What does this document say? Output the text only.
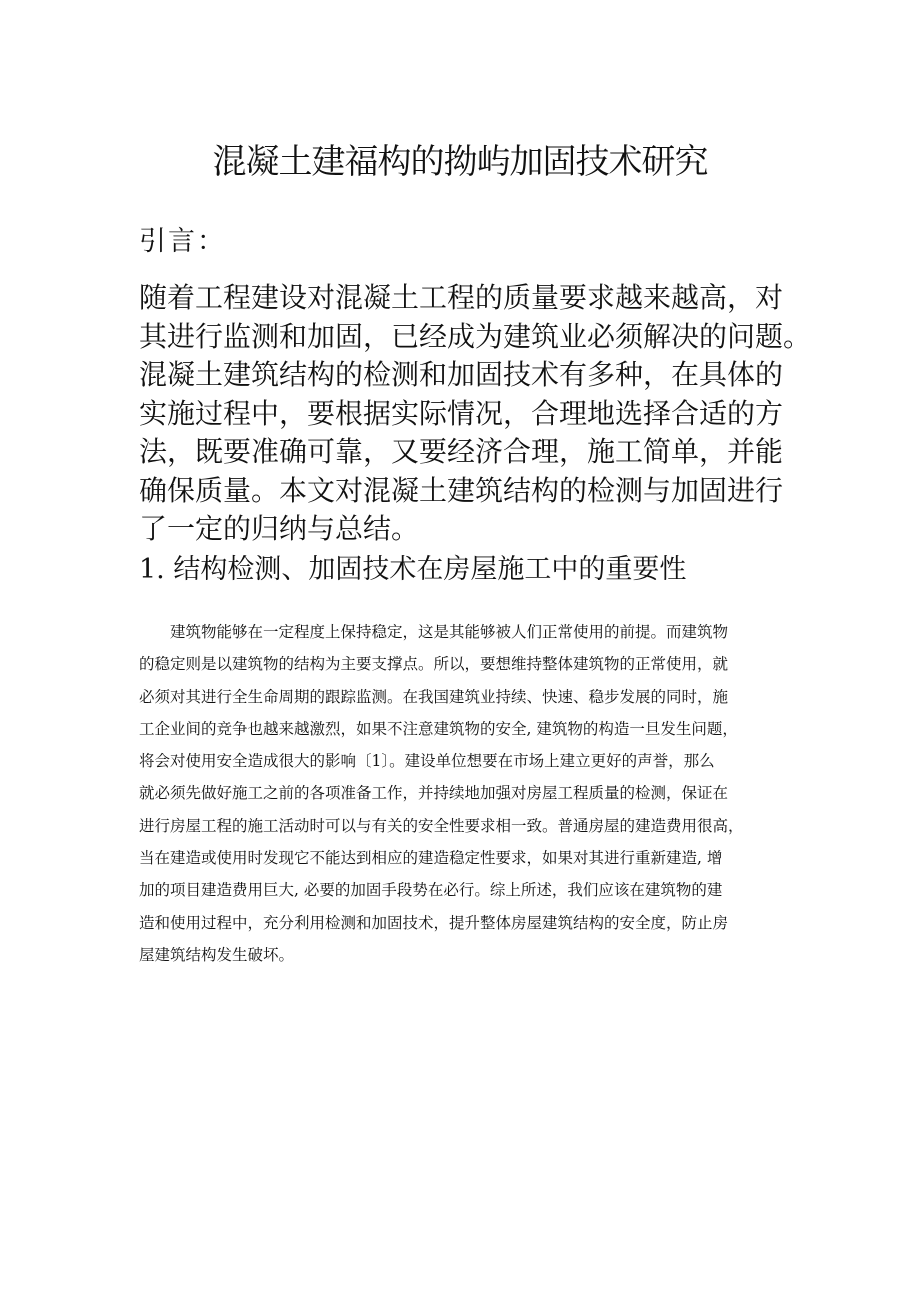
混凝土建福构的拗屿加固技术研究
引言：
随着工程建设对混凝土工程的质量要求越来越高，对
其进行监测和加固，已经成为建筑业必须解决的问题。
混凝土建筑结构的检测和加固技术有多种，在具体的
实施过程中，要根据实际情况，合理地选择合适的方
法，既要准确可靠，又要经济合理，施工简单，并能
确保质量。本文对混凝土建筑结构的检测与加固进行
了一定的归纳与总结。
1. 结构检测、加固技术在房屋施工中的重要性
建筑物能够在一定程度上保持稳定，这是其能够被人们正常使用的前提。而建筑物
的稳定则是以建筑物的结构为主要支撑点。所以，要想维持整体建筑物的正常使用，就
必须对其进行全生命周期的跟踪监测。在我国建筑业持续、快速、稳步发展的同时，施
工企业间的竞争也越来越激烈，如果不注意建筑物的安全, 建筑物的构造一旦发生问题，
将会对使用安全造成很大的影响〔1〕。建设单位想要在市场上建立更好的声誉，那么
就必须先做好施工之前的各项准备工作，并持续地加强对房屋工程质量的检测，保证在
进行房屋工程的施工活动时可以与有关的安全性要求相一致。普通房屋的建造费用很高，
当在建造或使用时发现它不能达到相应的建造稳定性要求，如果对其进行重新建造, 增
加的项目建造费用巨大, 必要的加固手段势在必行。综上所述，我们应该在建筑物的建
造和使用过程中，充分利用检测和加固技术，提升整体房屋建筑结构的安全度，防止房
屋建筑结构发生破坏。
